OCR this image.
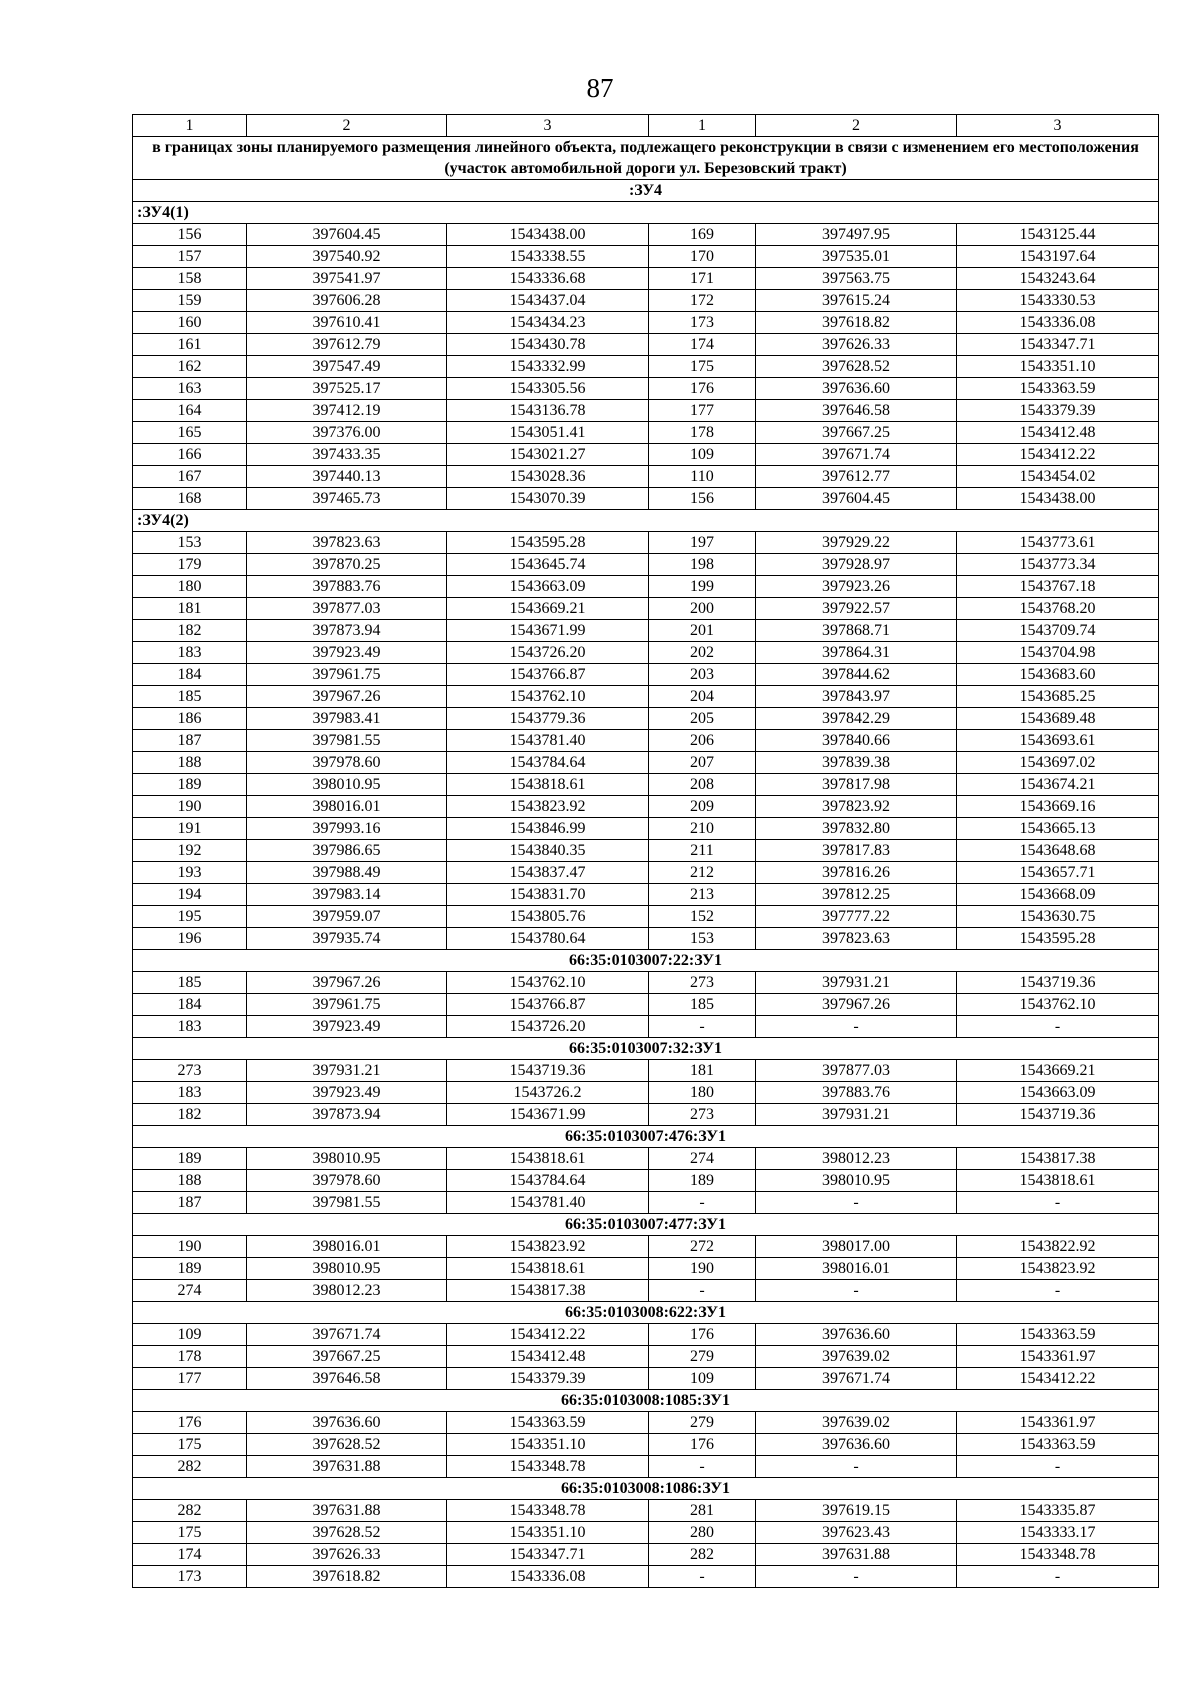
87
1	2	3	1	2	3
в границах зоны планируемого размещения линейного объекта, подлежащего реконструкции в связи с изменением его местоположения (участок автомобильной дороги ул. Березовский тракт)					
:ЗУ4					
:ЗУ4(1)					
156	397604.45	1543438.00	169	397497.95	1543125.44
157	397540.92	1543338.55	170	397535.01	1543197.64
158	397541.97	1543336.68	171	397563.75	1543243.64
159	397606.28	1543437.04	172	397615.24	1543330.53
160	397610.41	1543434.23	173	397618.82	1543336.08
161	397612.79	1543430.78	174	397626.33	1543347.71
162	397547.49	1543332.99	175	397628.52	1543351.10
163	397525.17	1543305.56	176	397636.60	1543363.59
164	397412.19	1543136.78	177	397646.58	1543379.39
165	397376.00	1543051.41	178	397667.25	1543412.48
166	397433.35	1543021.27	109	397671.74	1543412.22
167	397440.13	1543028.36	110	397612.77	1543454.02
168	397465.73	1543070.39	156	397604.45	1543438.00
:ЗУ4(2)					
153	397823.63	1543595.28	197	397929.22	1543773.61
179	397870.25	1543645.74	198	397928.97	1543773.34
180	397883.76	1543663.09	199	397923.26	1543767.18
181	397877.03	1543669.21	200	397922.57	1543768.20
182	397873.94	1543671.99	201	397868.71	1543709.74
183	397923.49	1543726.20	202	397864.31	1543704.98
184	397961.75	1543766.87	203	397844.62	1543683.60
185	397967.26	1543762.10	204	397843.97	1543685.25
186	397983.41	1543779.36	205	397842.29	1543689.48
187	397981.55	1543781.40	206	397840.66	1543693.61
188	397978.60	1543784.64	207	397839.38	1543697.02
189	398010.95	1543818.61	208	397817.98	1543674.21
190	398016.01	1543823.92	209	397823.92	1543669.16
191	397993.16	1543846.99	210	397832.80	1543665.13
192	397986.65	1543840.35	211	397817.83	1543648.68
193	397988.49	1543837.47	212	397816.26	1543657.71
194	397983.14	1543831.70	213	397812.25	1543668.09
195	397959.07	1543805.76	152	397777.22	1543630.75
196	397935.74	1543780.64	153	397823.63	1543595.28
66:35:0103007:22:ЗУ1					
185	397967.26	1543762.10	273	397931.21	1543719.36
184	397961.75	1543766.87	185	397967.26	1543762.10
183	397923.49	1543726.20	-	-	-
66:35:0103007:32:ЗУ1					
273	397931.21	1543719.36	181	397877.03	1543669.21
183	397923.49	1543726.2	180	397883.76	1543663.09
182	397873.94	1543671.99	273	397931.21	1543719.36
66:35:0103007:476:ЗУ1					
189	398010.95	1543818.61	274	398012.23	1543817.38
188	397978.60	1543784.64	189	398010.95	1543818.61
187	397981.55	1543781.40	-	-	-
66:35:0103007:477:ЗУ1					
190	398016.01	1543823.92	272	398017.00	1543822.92
189	398010.95	1543818.61	190	398016.01	1543823.92
274	398012.23	1543817.38	-	-	-
66:35:0103008:622:ЗУ1					
109	397671.74	1543412.22	176	397636.60	1543363.59
178	397667.25	1543412.48	279	397639.02	1543361.97
177	397646.58	1543379.39	109	397671.74	1543412.22
66:35:0103008:1085:ЗУ1					
176	397636.60	1543363.59	279	397639.02	1543361.97
175	397628.52	1543351.10	176	397636.60	1543363.59
282	397631.88	1543348.78	-	-	-
66:35:0103008:1086:ЗУ1					
282	397631.88	1543348.78	281	397619.15	1543335.87
175	397628.52	1543351.10	280	397623.43	1543333.17
174	397626.33	1543347.71	282	397631.88	1543348.78
173	397618.82	1543336.08	-	-	-
